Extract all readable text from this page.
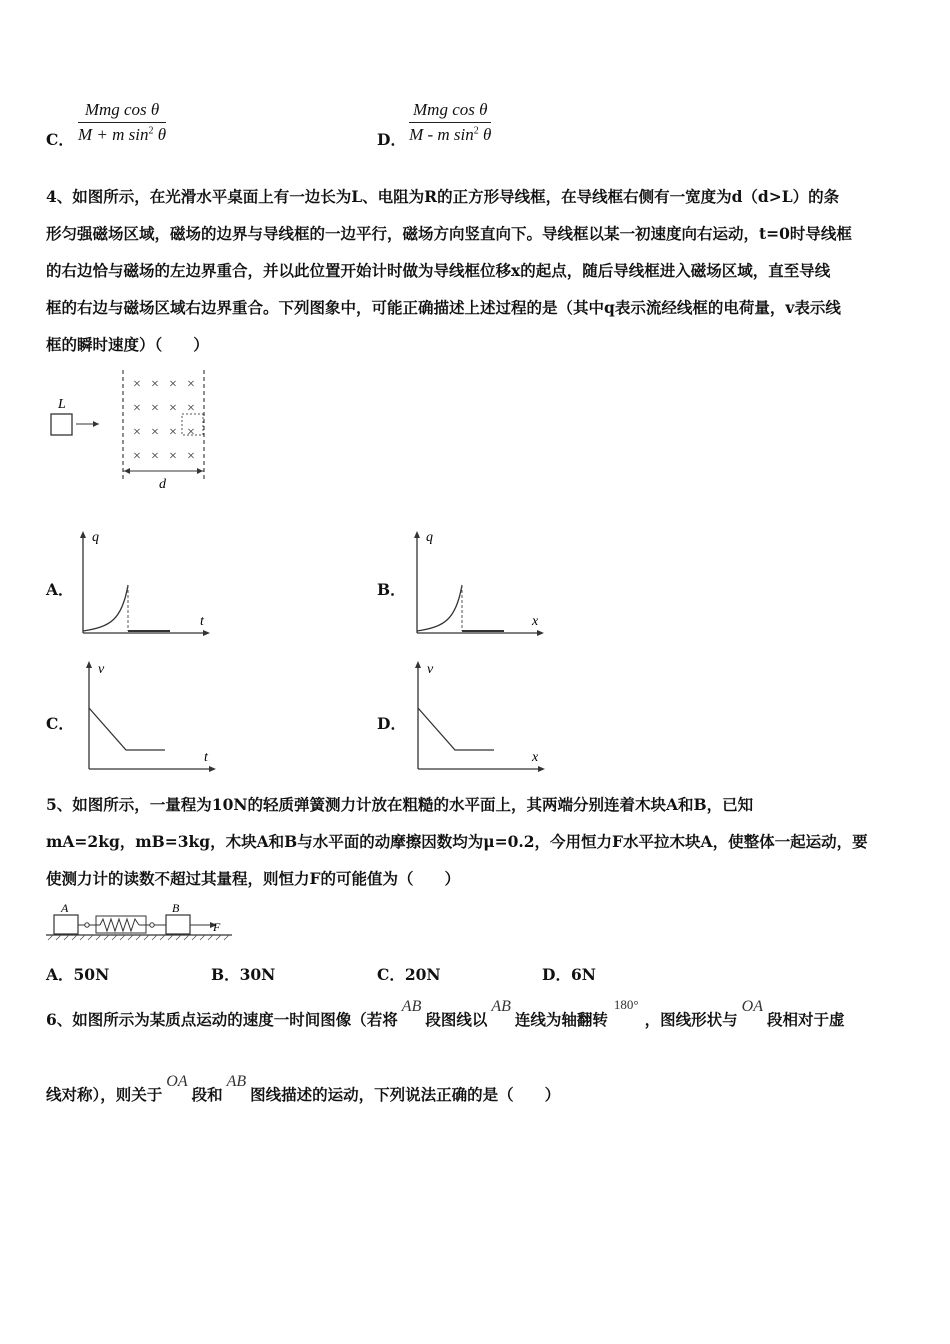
C．
Mmg cos θ
M + m $\sin^2 \theta$	D．
Mmg cos θ
M - m $\sin^2 \theta$

4、如图所示，在光滑水平桌面上有一边长为L、电阻为R的正方形导线框，在导线框右侧有一宽度为d（d>L）的条

形匀强磁场区域，磁场的边界与导线框的一边平行，磁场方向竖直向下。导线框以某一初速度向右运动，t=0时导线框

的右边恰与磁场的左边界重合，并以此位置开始计时做为导线框位移x的起点，随后导线框进入磁场区域，直至导线

框的右边与磁场区域右边界重合。下列图象中，可能正确描述上述过程的是（其中q表示流经线框的电荷量，v表示线

框的瞬时速度）（　　）

L
× × × ×
× × × ×
× × × ×
× × × ×
d
A．
q
t
B．
q
x
C．
v
t
D．
v
x

5、如图所示，一量程为10N的轻质弹簧测力计放在粗糙的水平面上，其两端分别连着木块A和B，已知

mA=2kg，mB=3kg，木块A和B与水平面的动摩擦因数均为μ=0.2，今用恒力F水平拉木块A，使整体一起运动，要

使测力计的读数不超过其量程，则恒力F的可能值为（　　）

A	B
F
A．50N	B．30N	C．20N	D．6N
6、如图所示为某质点运动的速度一时间图像（若将AB段图线以AB连线为轴翻转$^{180^\circ}$，图线形状与OA段相对于虚
线对称），则关于OA段和AB图线描述的运动，下列说法正确的是（　　）
